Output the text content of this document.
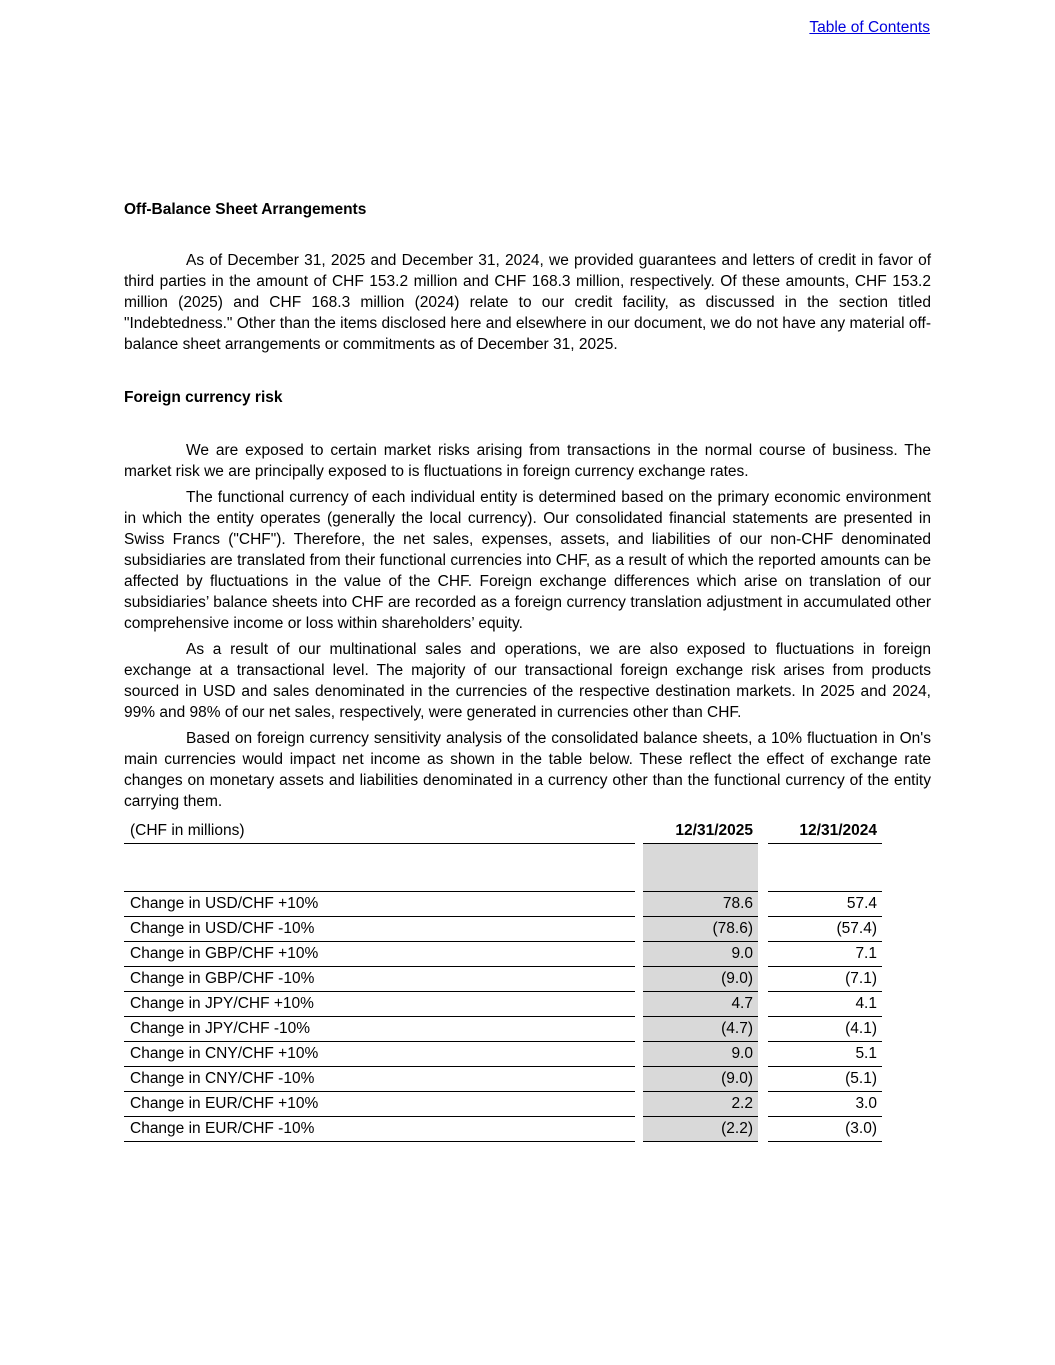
Table of Contents
Off-Balance Sheet Arrangements

As of December 31, 2025 and December 31, 2024, we provided guarantees and letters of credit in favor of third parties in the amount of CHF 153.2 million and CHF 168.3 million, respectively. Of these amounts, CHF 153.2 million (2025) and CHF 168.3 million (2024) relate to our credit facility, as discussed in the section titled "Indebtedness." Other than the items disclosed here and elsewhere in our document, we do not have any material off-balance sheet arrangements or commitments as of December 31, 2025.

Foreign currency risk

We are exposed to certain market risks arising from transactions in the normal course of business. The market risk we are principally exposed to is fluctuations in foreign currency exchange rates.

The functional currency of each individual entity is determined based on the primary economic environment in which the entity operates (generally the local currency). Our consolidated financial statements are presented in Swiss Francs ("CHF"). Therefore, the net sales, expenses, assets, and liabilities of our non-CHF denominated subsidiaries are translated from their functional currencies into CHF, as a result of which the reported amounts can be affected by fluctuations in the value of the CHF. Foreign exchange differences which arise on translation of our subsidiaries’ balance sheets into CHF are recorded as a foreign currency translation adjustment in accumulated other comprehensive income or loss within shareholders’ equity.

As a result of our multinational sales and operations, we are also exposed to fluctuations in foreign exchange at a transactional level. The majority of our transactional foreign exchange risk arises from products sourced in USD and sales denominated in the currencies of the respective destination markets. In 2025 and 2024, 99% and 98% of our net sales, respectively, were generated in currencies other than CHF.

Based on foreign currency sensitivity analysis of the consolidated balance sheets, a 10% fluctuation in On's main currencies would impact net income as shown in the table below. These reflect the effect of exchange rate changes on monetary assets and liabilities denominated in a currency other than the functional currency of the entity carrying them.

(CHF in millions)	12/31/2025	12/31/2024
Change in USD/CHF +10%	78.6	57.4
Change in USD/CHF -10%	(78.6)	(57.4)
Change in GBP/CHF +10%	9.0	7.1
Change in GBP/CHF -10%	(9.0)	(7.1)
Change in JPY/CHF +10%	4.7	4.1
Change in JPY/CHF -10%	(4.7)	(4.1)
Change in CNY/CHF +10%	9.0	5.1
Change in CNY/CHF -10%	(9.0)	(5.1)
Change in EUR/CHF +10%	2.2	3.0
Change in EUR/CHF -10%	(2.2)	(3.0)
